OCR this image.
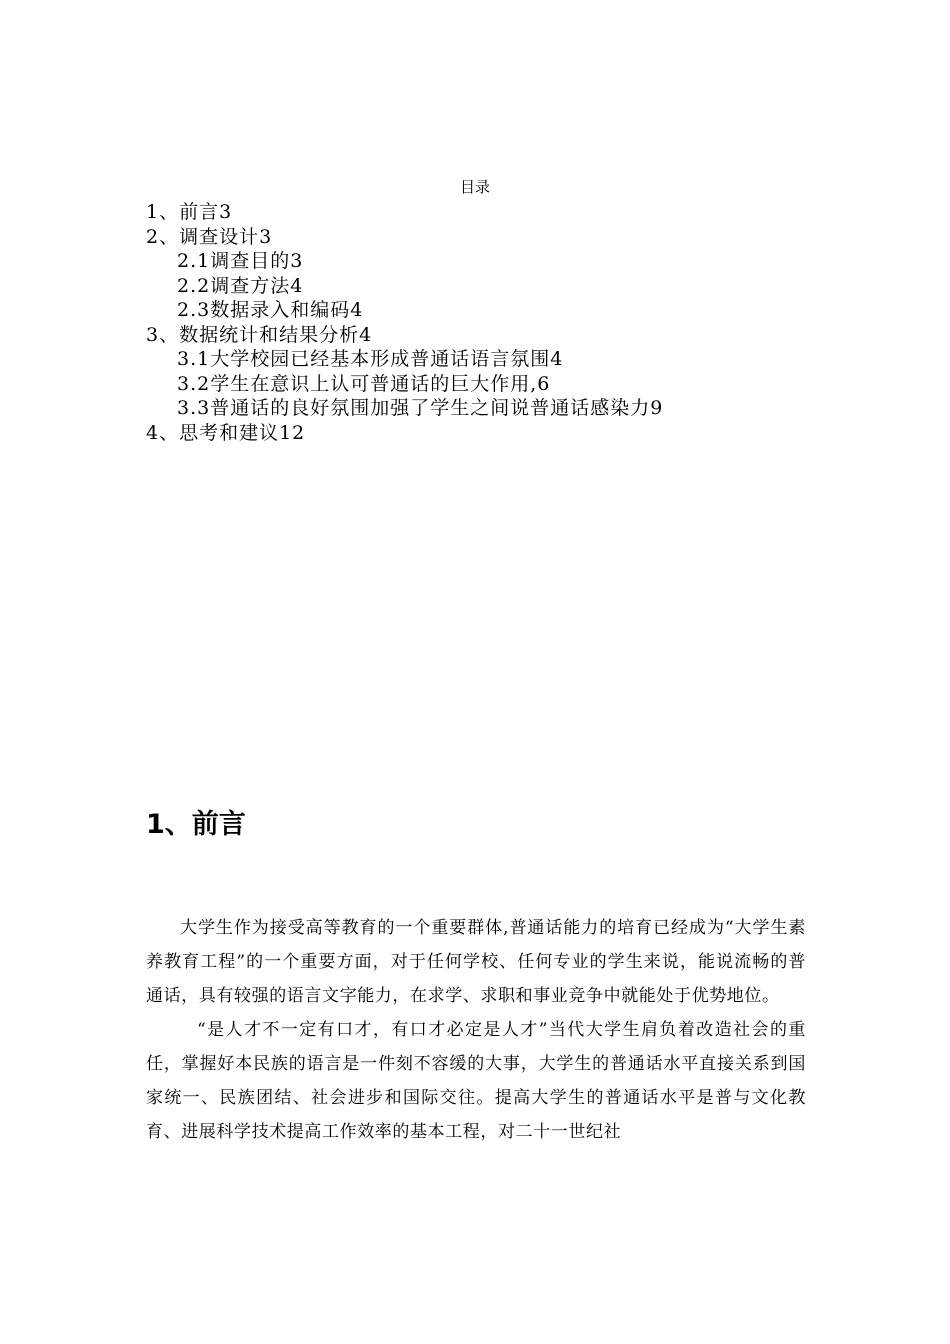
目录
1、前言3
2、调查设计3
2.1调查目的3
2.2调查方法4
2.3数据录入和编码4
3、数据统计和结果分析4
3.1大学校园已经基本形成普通话语言氛围4
3.2学生在意识上认可普通话的巨大作用,6
3.3普通话的良好氛围加强了学生之间说普通话感染力9
4、思考和建议12
1、前言

大学生作为接受高等教育的一个重要群体,普通话能力的培育已经成为“大学生素养教育工程”的一个重要方面，对于任何学校、任何专业的学生来说，能说流畅的普通话，具有较强的语言文字能力，在求学、求职和事业竞争中就能处于优势地位。

“是人才不一定有口才，有口才必定是人才”当代大学生肩负着改造社会的重任，掌握好本民族的语言是一件刻不容缓的大事，大学生的普通话水平直接关系到国家统一、民族团结、社会进步和国际交往。提高大学生的普通话水平是普与文化教育、进展科学技术提高工作效率的基本工程，对二十一世纪社
